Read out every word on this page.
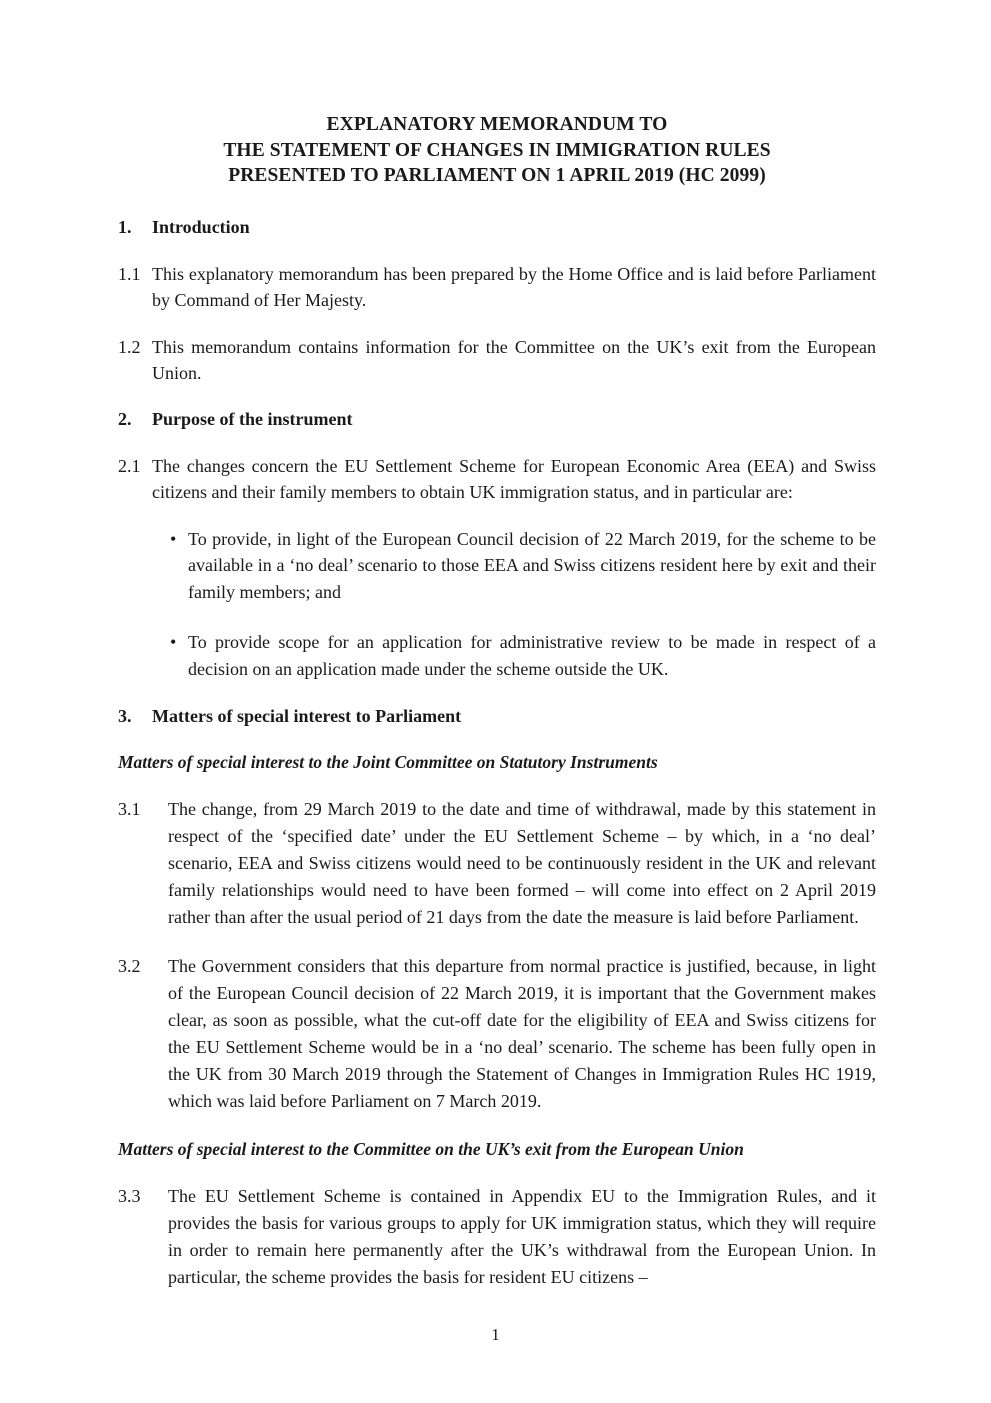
EXPLANATORY MEMORANDUM TO
THE STATEMENT OF CHANGES IN IMMIGRATION RULES
PRESENTED TO PARLIAMENT ON 1 APRIL 2019 (HC 2099)
1.	Introduction
1.1 This explanatory memorandum has been prepared by the Home Office and is laid before Parliament by Command of Her Majesty.
1.2 This memorandum contains information for the Committee on the UK’s exit from the European Union.
2.	Purpose of the instrument
2.1 The changes concern the EU Settlement Scheme for European Economic Area (EEA) and Swiss citizens and their family members to obtain UK immigration status, and in particular are:
• To provide, in light of the European Council decision of 22 March 2019, for the scheme to be available in a ‘no deal’ scenario to those EEA and Swiss citizens resident here by exit and their family members; and
• To provide scope for an application for administrative review to be made in respect of a decision on an application made under the scheme outside the UK.
3.	Matters of special interest to Parliament
Matters of special interest to the Joint Committee on Statutory Instruments
3.1	The change, from 29 March 2019 to the date and time of withdrawal, made by this statement in respect of the ‘specified date’ under the EU Settlement Scheme – by which, in a ‘no deal’ scenario, EEA and Swiss citizens would need to be continuously resident in the UK and relevant family relationships would need to have been formed – will come into effect on 2 April 2019 rather than after the usual period of 21 days from the date the measure is laid before Parliament.
3.2	The Government considers that this departure from normal practice is justified, because, in light of the European Council decision of 22 March 2019, it is important that the Government makes clear, as soon as possible, what the cut-off date for the eligibility of EEA and Swiss citizens for the EU Settlement Scheme would be in a ‘no deal’ scenario. The scheme has been fully open in the UK from 30 March 2019 through the Statement of Changes in Immigration Rules HC 1919, which was laid before Parliament on 7 March 2019.
Matters of special interest to the Committee on the UK’s exit from the European Union
3.3	The EU Settlement Scheme is contained in Appendix EU to the Immigration Rules, and it provides the basis for various groups to apply for UK immigration status, which they will require in order to remain here permanently after the UK’s withdrawal from the European Union. In particular, the scheme provides the basis for resident EU citizens –
1
